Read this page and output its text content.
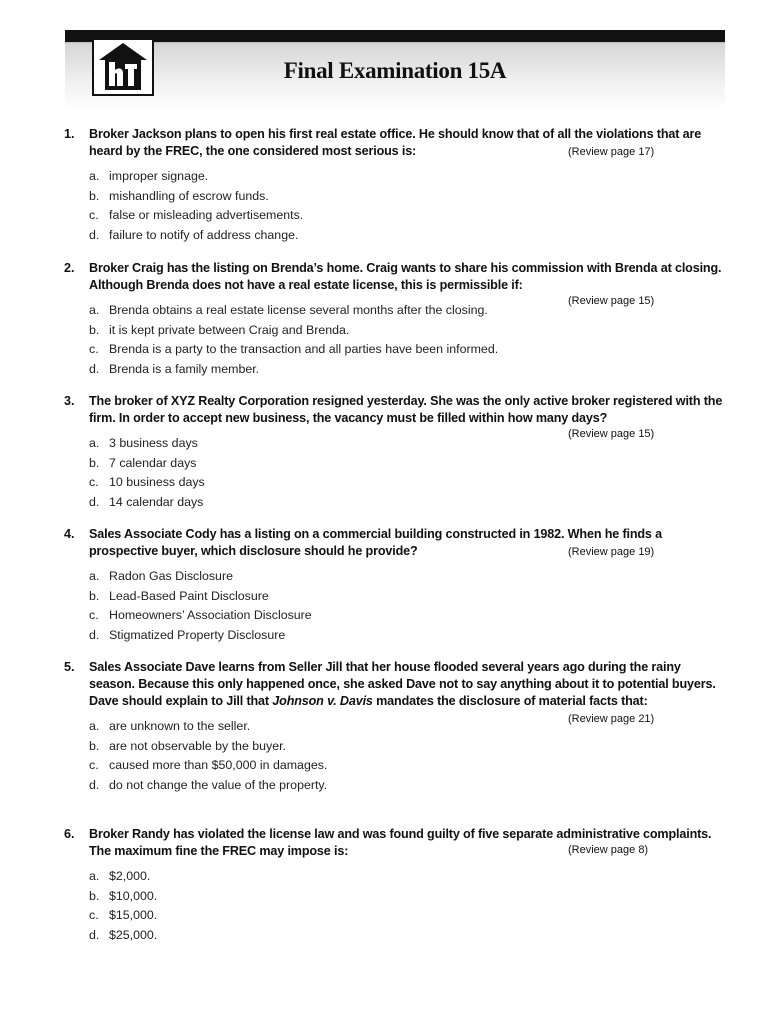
Final Examination 15A
1. Broker Jackson plans to open his first real estate office. He should know that of all the violations that are heard by the FREC, the one considered most serious is:	(Review page 17)
a. improper signage.
b. mishandling of escrow funds.
c. false or misleading advertisements.
d. failure to notify of address change.
2. Broker Craig has the listing on Brenda’s home. Craig wants to share his commission with Brenda at closing. Although Brenda does not have a real estate license, this is permissible if:
(Review page 15)
a. Brenda obtains a real estate license several months after the closing.
b. it is kept private between Craig and Brenda.
c. Brenda is a party to the transaction and all parties have been informed.
d. Brenda is a family member.
3. The broker of XYZ Realty Corporation resigned yesterday. She was the only active broker registered with the firm. In order to accept new business, the vacancy must be filled within how many days?
(Review page 15)
a. 3 business days
b. 7 calendar days
c. 10 business days
d. 14 calendar days
4. Sales Associate Cody has a listing on a commercial building constructed in 1982. When he finds a prospective buyer, which disclosure should he provide?	(Review page 19)
a. Radon Gas Disclosure
b. Lead-Based Paint Disclosure
c. Homeowners’ Association Disclosure
d. Stigmatized Property Disclosure
5. Sales Associate Dave learns from Seller Jill that her house flooded several years ago during the rainy season. Because this only happened once, she asked Dave not to say anything about it to potential buyers. Dave should explain to Jill that Johnson v. Davis mandates the disclosure of material facts that:
(Review page 21)
a. are unknown to the seller.
b. are not observable by the buyer.
c. caused more than $50,000 in damages.
d. do not change the value of the property.
6. Broker Randy has violated the license law and was found guilty of five separate administrative complaints. The maximum fine the FREC may impose is:	(Review page 8)
a. $2,000.
b. $10,000.
c. $15,000.
d. $25,000.
